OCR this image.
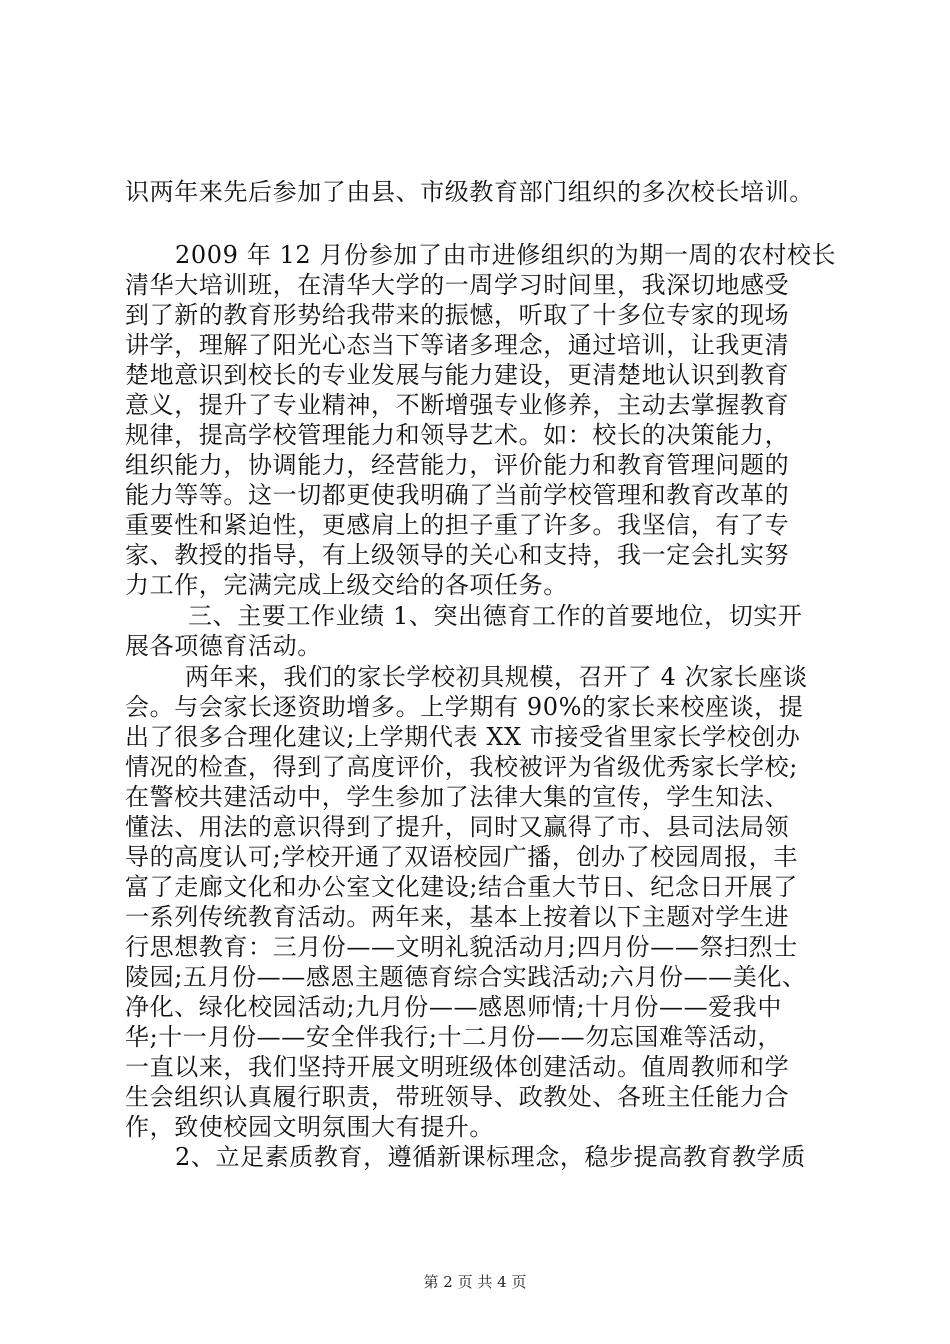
识两年来先后参加了由县、市级教育部门组织的多次校长培训。
2009 年 12 月份参加了由市进修组织的为期一周的农村校长
清华大培训班，在清华大学的一周学习时间里，我深切地感受
到了新的教育形势给我带来的振憾，听取了十多位专家的现场
讲学，理解了阳光心态当下等诸多理念，通过培训，让我更清
楚地意识到校长的专业发展与能力建设，更清楚地认识到教育
意义，提升了专业精神，不断增强专业修养，主动去掌握教育
规律，提高学校管理能力和领导艺术。如：校长的决策能力，
组织能力，协调能力，经营能力，评价能力和教育管理问题的
能力等等。这一切都更使我明确了当前学校管理和教育改革的
重要性和紧迫性，更感肩上的担子重了许多。我坚信，有了专
家、教授的指导，有上级领导的关心和支持，我一定会扎实努
力工作，完满完成上级交给的各项任务。
三、主要工作业绩 1、突出德育工作的首要地位，切实开
展各项德育活动。
两年来，我们的家长学校初具规模，召开了 4 次家长座谈
会。与会家长逐资助增多。上学期有 90%的家长来校座谈，提
出了很多合理化建议;上学期代表 XX 市接受省里家长学校创办
情况的检查，得到了高度评价，我校被评为省级优秀家长学校;
在警校共建活动中，学生参加了法律大集的宣传，学生知法、
懂法、用法的意识得到了提升，同时又赢得了市、县司法局领
导的高度认可;学校开通了双语校园广播，创办了校园周报，丰
富了走廊文化和办公室文化建设;结合重大节日、纪念日开展了
一系列传统教育活动。两年来，基本上按着以下主题对学生进
行思想教育：三月份——文明礼貌活动月;四月份——祭扫烈士
陵园;五月份——感恩主题德育综合实践活动;六月份——美化、
净化、绿化校园活动;九月份——感恩师情;十月份——爱我中
华;十一月份——安全伴我行;十二月份——勿忘国难等活动，
一直以来，我们坚持开展文明班级体创建活动。值周教师和学
生会组织认真履行职责，带班领导、政教处、各班主任能力合
作，致使校园文明氛围大有提升。
2、立足素质教育，遵循新课标理念，稳步提高教育教学质
第 2 页 共 4 页
